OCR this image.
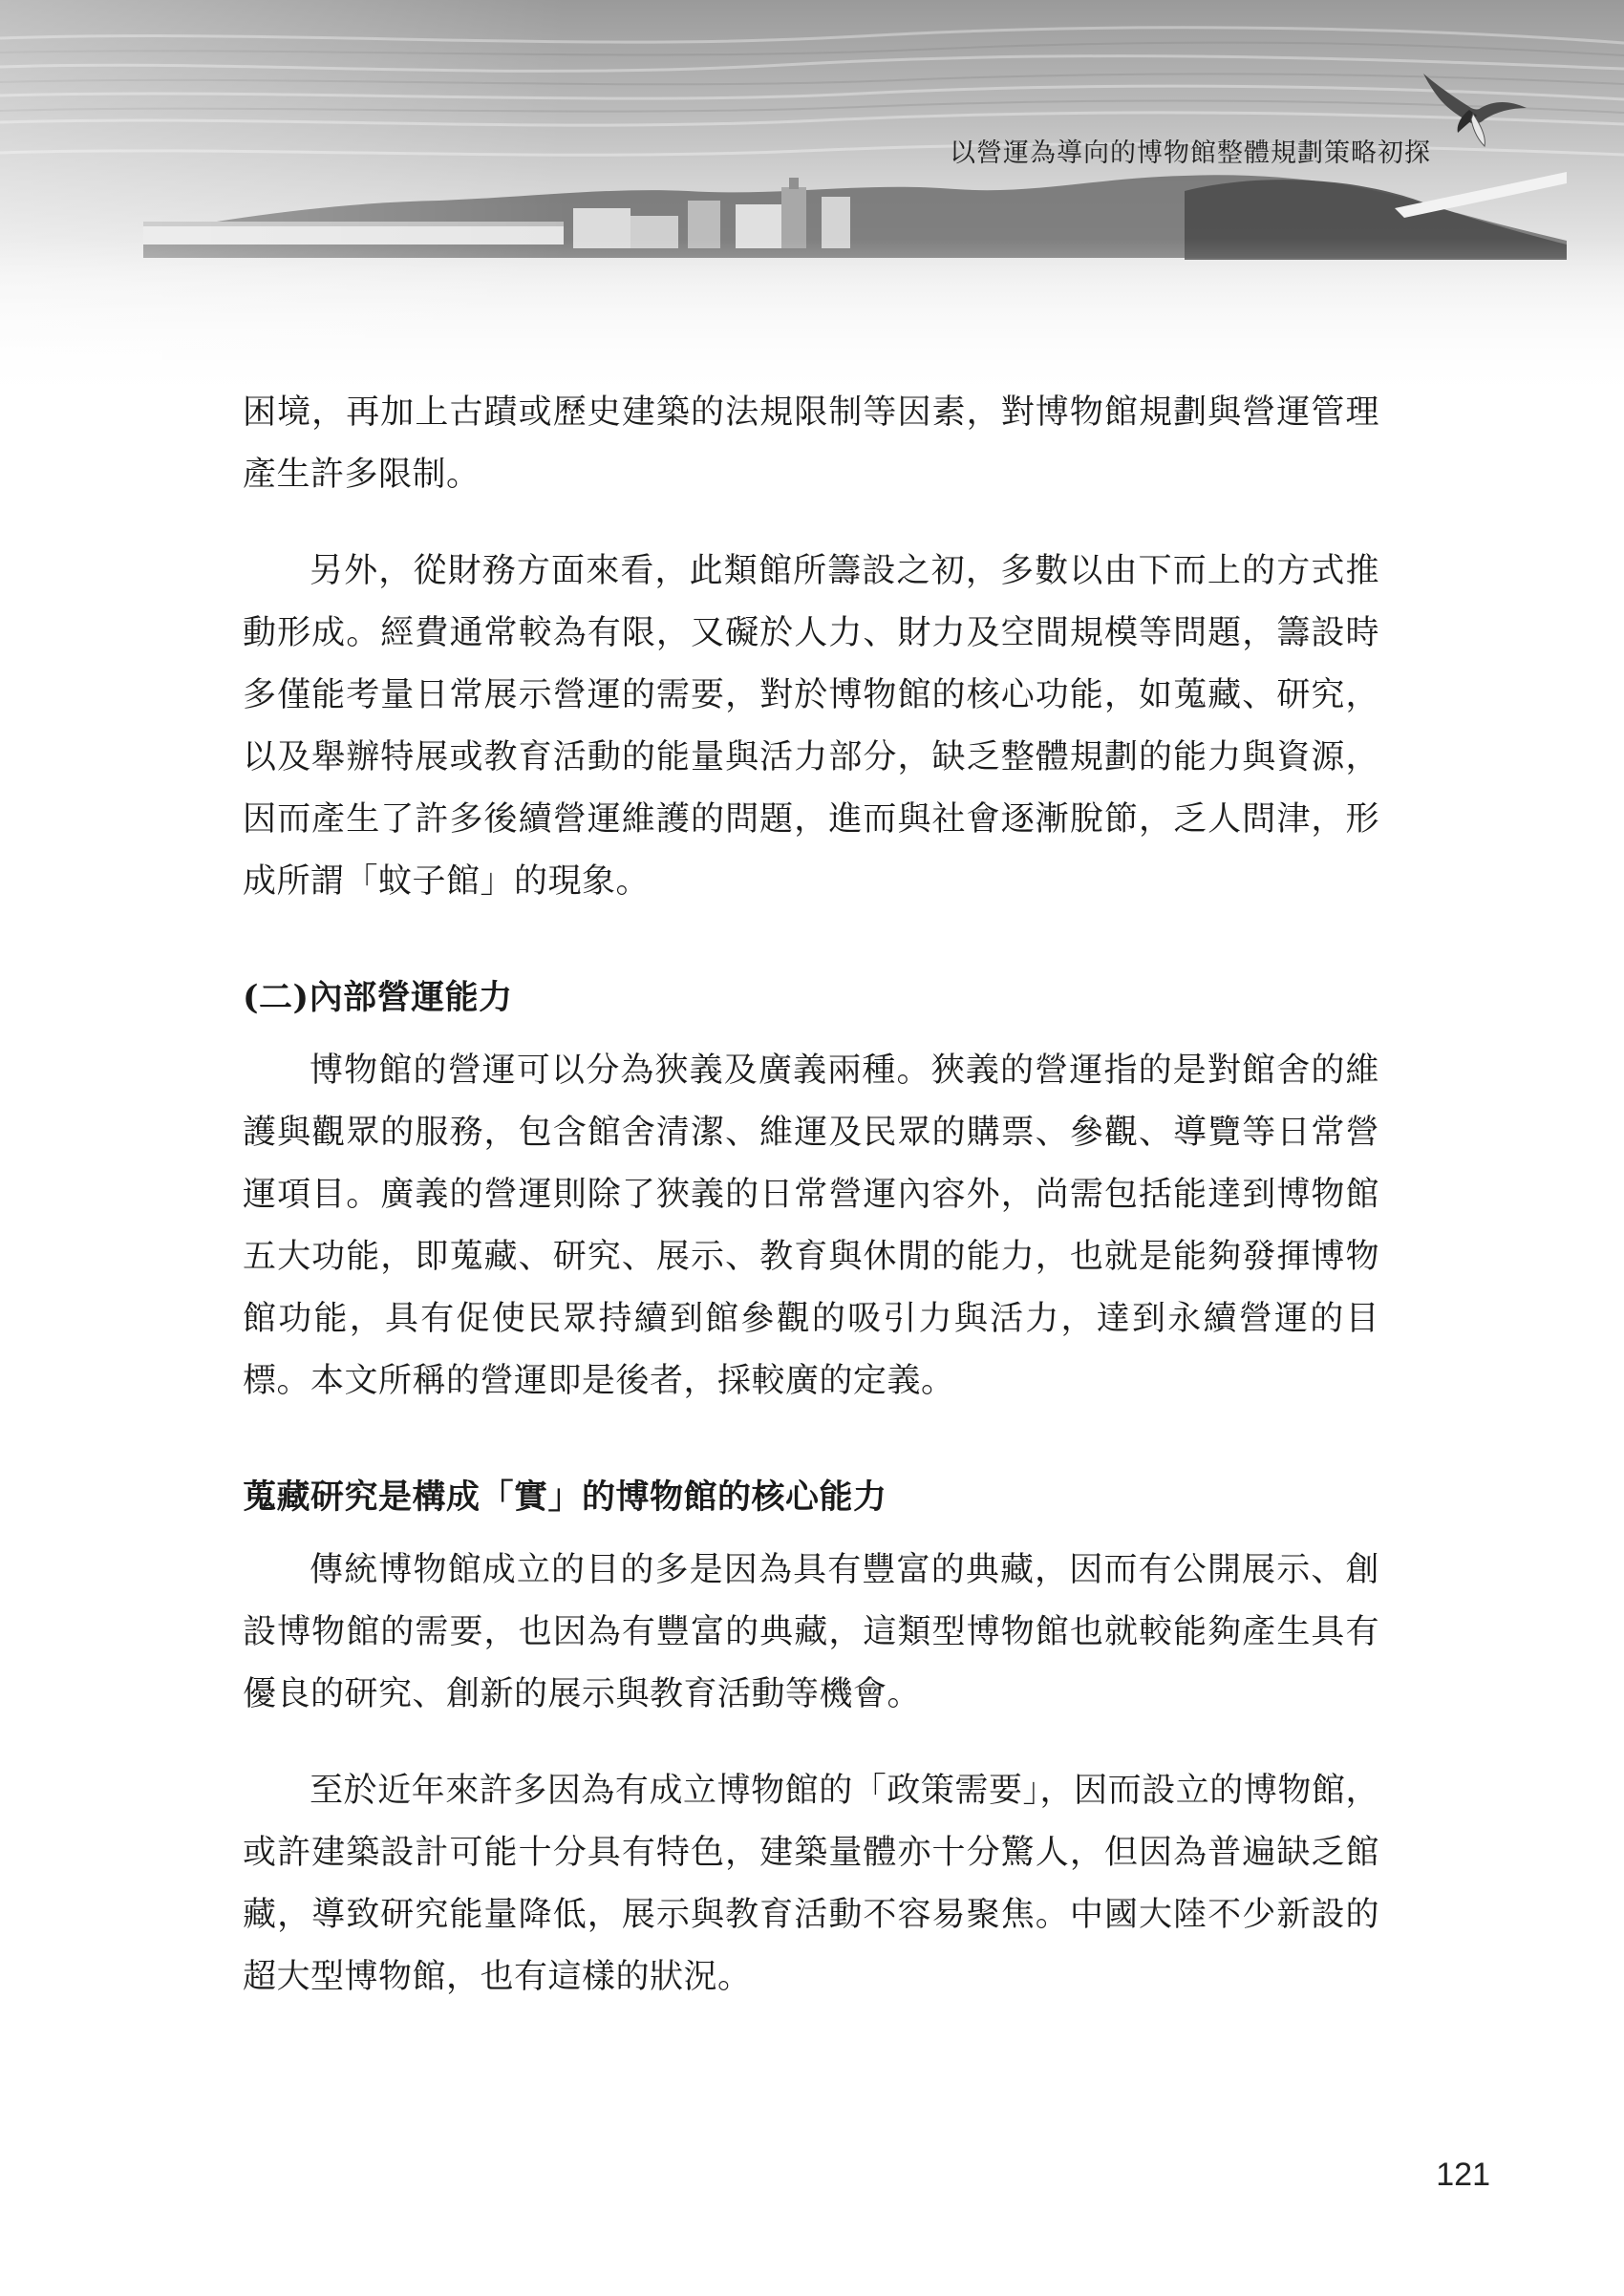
以營運為導向的博物館整體規劃策略初探

困境，再加上古蹟或歷史建築的法規限制等因素，對博物館規劃與營運管理產生許多限制。

另外，從財務方面來看，此類館所籌設之初，多數以由下而上的方式推動形成。經費通常較為有限，又礙於人力、財力及空間規模等問題，籌設時多僅能考量日常展示營運的需要，對於博物館的核心功能，如蒐藏、研究，以及舉辦特展或教育活動的能量與活力部分，缺乏整體規劃的能力與資源，因而產生了許多後續營運維護的問題，進而與社會逐漸脫節，乏人問津，形成所謂「蚊子館」的現象。

(二)內部營運能力

博物館的營運可以分為狹義及廣義兩種。狹義的營運指的是對館舍的維護與觀眾的服務，包含館舍清潔、維運及民眾的購票、參觀、導覽等日常營運項目。廣義的營運則除了狹義的日常營運內容外，尚需包括能達到博物館五大功能，即蒐藏、研究、展示、教育與休閒的能力，也就是能夠發揮博物館功能，具有促使民眾持續到館參觀的吸引力與活力，達到永續營運的目標。本文所稱的營運即是後者，採較廣的定義。

蒐藏研究是構成「實」的博物館的核心能力

傳統博物館成立的目的多是因為具有豐富的典藏，因而有公開展示、創設博物館的需要，也因為有豐富的典藏，這類型博物館也就較能夠產生具有優良的研究、創新的展示與教育活動等機會。

至於近年來許多因為有成立博物館的「政策需要」，因而設立的博物館，或許建築設計可能十分具有特色，建築量體亦十分驚人，但因為普遍缺乏館藏，導致研究能量降低，展示與教育活動不容易聚焦。中國大陸不少新設的超大型博物館，也有這樣的狀況。

121
